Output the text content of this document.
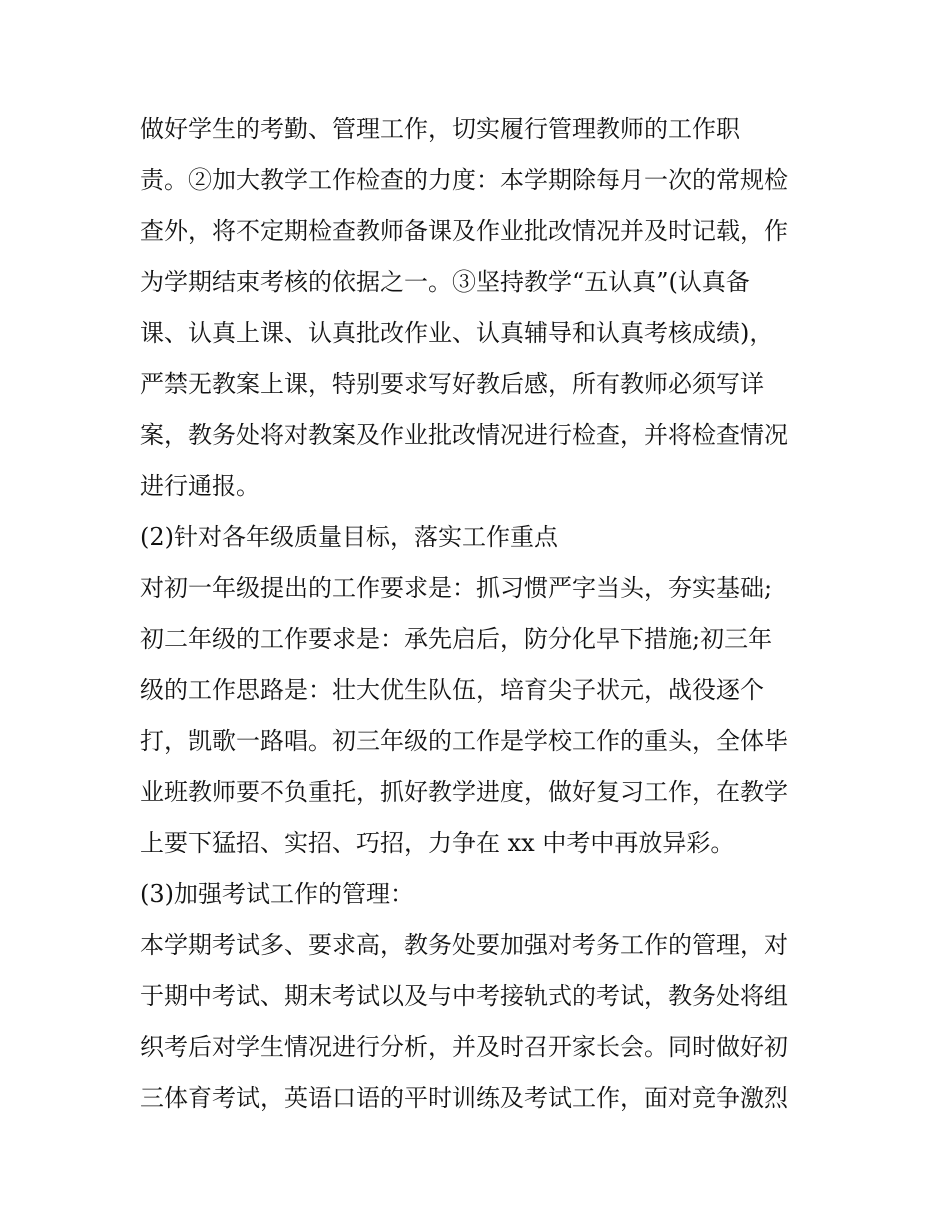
做好学生的考勤、管理工作，切实履行管理教师的工作职
责。②加大教学工作检查的力度：本学期除每月一次的常规检
查外，将不定期检查教师备课及作业批改情况并及时记载，作
为学期结束考核的依据之一。③坚持教学“五认真”(认真备
课、认真上课、认真批改作业、认真辅导和认真考核成绩)，
严禁无教案上课，特别要求写好教后感，所有教师必须写详
案，教务处将对教案及作业批改情况进行检查，并将检查情况
进行通报。
(2)针对各年级质量目标，落实工作重点
对初一年级提出的工作要求是：抓习惯严字当头，夯实基础;
初二年级的工作要求是：承先启后，防分化早下措施;初三年
级的工作思路是：壮大优生队伍，培育尖子状元，战役逐个
打，凯歌一路唱。初三年级的工作是学校工作的重头，全体毕
业班教师要不负重托，抓好教学进度，做好复习工作，在教学
上要下猛招、实招、巧招，力争在 xx 中考中再放异彩。
(3)加强考试工作的管理：
本学期考试多、要求高，教务处要加强对考务工作的管理，对
于期中考试、期末考试以及与中考接轨式的考试，教务处将组
织考后对学生情况进行分析，并及时召开家长会。同时做好初
三体育考试，英语口语的平时训练及考试工作，面对竞争激烈
